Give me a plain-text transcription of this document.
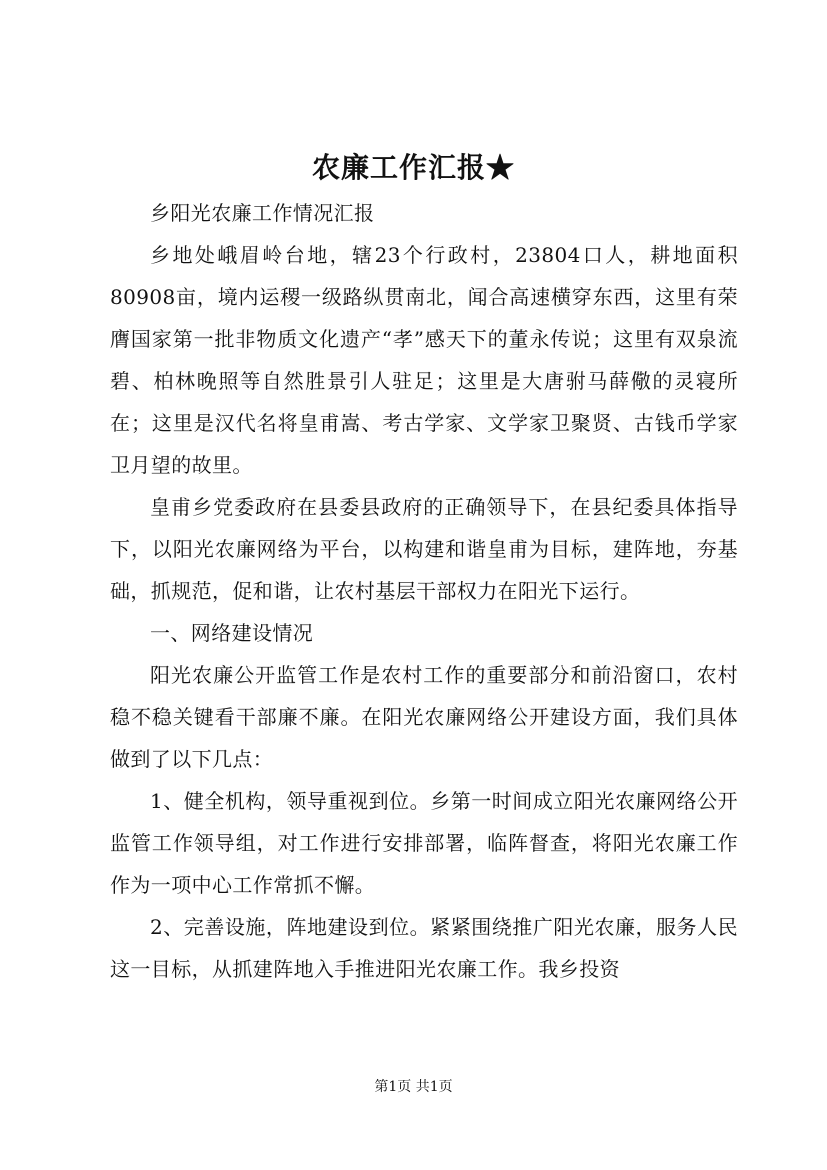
农廉工作汇报★

乡阳光农廉工作情况汇报

乡地处峨眉岭台地，辖23个行政村，23804口人，耕地面积80908亩，境内运稷一级路纵贯南北，闻合高速横穿东西，这里有荣膺国家第一批非物质文化遗产“孝”感天下的董永传说；这里有双泉流碧、柏林晚照等自然胜景引人驻足；这里是大唐驸马薛儆的灵寝所在；这里是汉代名将皇甫嵩、考古学家、文学家卫聚贤、古钱币学家卫月望的故里。

皇甫乡党委政府在县委县政府的正确领导下，在县纪委具体指导下，以阳光农廉网络为平台，以构建和谐皇甫为目标，建阵地，夯基础，抓规范，促和谐，让农村基层干部权力在阳光下运行。

一、网络建设情况

阳光农廉公开监管工作是农村工作的重要部分和前沿窗口，农村稳不稳关键看干部廉不廉。在阳光农廉网络公开建设方面，我们具体做到了以下几点：

1、健全机构，领导重视到位。乡第一时间成立阳光农廉网络公开监管工作领导组，对工作进行安排部署，临阵督查，将阳光农廉工作作为一项中心工作常抓不懈。

2、完善设施，阵地建设到位。紧紧围绕推广阳光农廉，服务人民这一目标，从抓建阵地入手推进阳光农廉工作。我乡投资

第1页 共1页
